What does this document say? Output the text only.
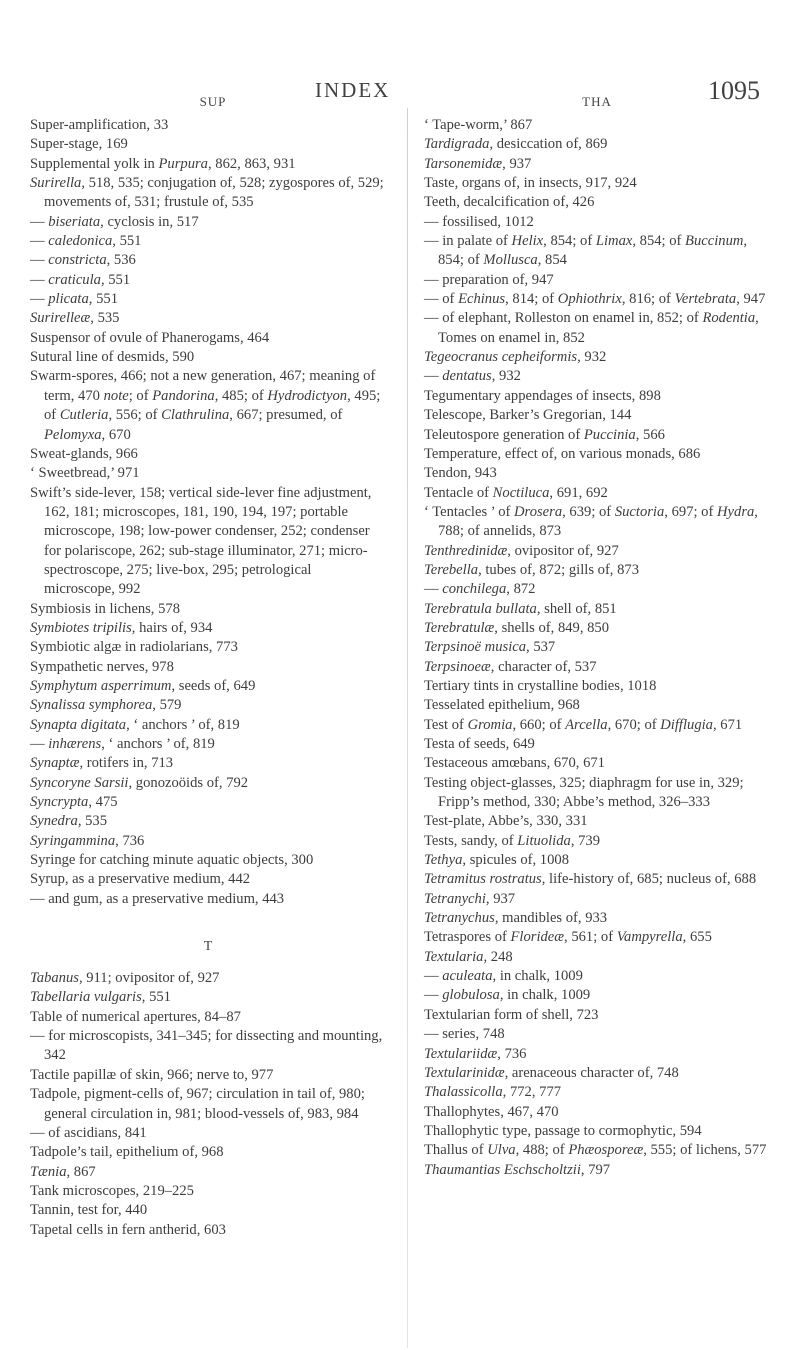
INDEX	1095
SUP

Super-amplification, 33

Super-stage, 169

Supplemental yolk in Purpura, 862, 863, 931

Surirella, 518, 535; conjugation of, 528; zygospores of, 529; movements of, 531; frustule of, 535

— biseriata, cyclosis in, 517

— caledonica, 551

— constricta, 536

— craticula, 551

— plicata, 551

Surirelleæ, 535

Suspensor of ovule of Phanerogams, 464

Sutural line of desmids, 590

Swarm-spores, 466; not a new generation, 467; meaning of term, 470 note; of Pandorina, 485; of Hydrodictyon, 495; of Cutleria, 556; of Clathrulina, 667; presumed, of Pelomyxa, 670

Sweat-glands, 966

‘ Sweetbread,’ 971

Swift’s side-lever, 158; vertical side-lever fine adjustment, 162, 181; microscopes, 181, 190, 194, 197; portable microscope, 198; low-power condenser, 252; condenser for polariscope, 262; sub-stage illuminator, 271; micro-spectroscope, 275; live-box, 295; petrological microscope, 992

Symbiosis in lichens, 578

Symbiotes tripilis, hairs of, 934

Symbiotic algæ in radiolarians, 773

Sympathetic nerves, 978

Symphytum asperrimum, seeds of, 649

Synalissa symphorea, 579

Synapta digitata, ‘ anchors ’ of, 819

— inhærens, ‘ anchors ’ of, 819

Synaptæ, rotifers in, 713

Syncoryne Sarsii, gonozoöids of, 792

Syncrypta, 475

Synedra, 535

Syringammina, 736

Syringe for catching minute aquatic objects, 300

Syrup, as a preservative medium, 442

— and gum, as a preservative medium, 443

T

Tabanus, 911; ovipositor of, 927

Tabellaria vulgaris, 551

Table of numerical apertures, 84–87

— for microscopists, 341–345; for dissecting and mounting, 342

Tactile papillæ of skin, 966; nerve to, 977

Tadpole, pigment-cells of, 967; circulation in tail of, 980; general circulation in, 981; blood-vessels of, 983, 984

— of ascidians, 841

Tadpole’s tail, epithelium of, 968

Tænia, 867

Tank microscopes, 219–225

Tannin, test for, 440

Tapetal cells in fern antherid, 603

THA

‘ Tape-worm,’ 867

Tardigrada, desiccation of, 869

Tarsonemidæ, 937

Taste, organs of, in insects, 917, 924

Teeth, decalcification of, 426

— fossilised, 1012

— in palate of Helix, 854; of Limax, 854; of Buccinum, 854; of Mollusca, 854

— preparation of, 947

— of Echinus, 814; of Ophiothrix, 816; of Vertebrata, 947

— of elephant, Rolleston on enamel in, 852; of Rodentia, Tomes on enamel in, 852

Tegeocranus cepheiformis, 932

— dentatus, 932

Tegumentary appendages of insects, 898

Telescope, Barker’s Gregorian, 144

Teleutospore generation of Puccinia, 566

Temperature, effect of, on various monads, 686

Tendon, 943

Tentacle of Noctiluca, 691, 692

‘ Tentacles ’ of Drosera, 639; of Suctoria, 697; of Hydra, 788; of annelids, 873

Tenthredinidæ, ovipositor of, 927

Terebella, tubes of, 872; gills of, 873

— conchilega, 872

Terebratula bullata, shell of, 851

Terebratulæ, shells of, 849, 850

Terpsinoë musica, 537

Terpsinoeæ, character of, 537

Tertiary tints in crystalline bodies, 1018

Tesselated epithelium, 968

Test of Gromia, 660; of Arcella, 670; of Difflugia, 671

Testa of seeds, 649

Testaceous amœbans, 670, 671

Testing object-glasses, 325; diaphragm for use in, 329; Fripp’s method, 330; Abbe’s method, 326–333

Test-plate, Abbe’s, 330, 331

Tests, sandy, of Lituolida, 739

Tethya, spicules of, 1008

Tetramitus rostratus, life-history of, 685; nucleus of, 688

Tetranychi, 937

Tetranychus, mandibles of, 933

Tetraspores of Florideæ, 561; of Vampyrella, 655

Textularia, 248

— aculeata, in chalk, 1009

— globulosa, in chalk, 1009

Textularian form of shell, 723

— series, 748

Textulariidæ, 736

Textularinidæ, arenaceous character of, 748

Thalassicolla, 772, 777

Thallophytes, 467, 470

Thallophytic type, passage to cormophytic, 594

Thallus of Ulva, 488; of Phæosporeæ, 555; of lichens, 577

Thaumantias Eschscholtzii, 797
